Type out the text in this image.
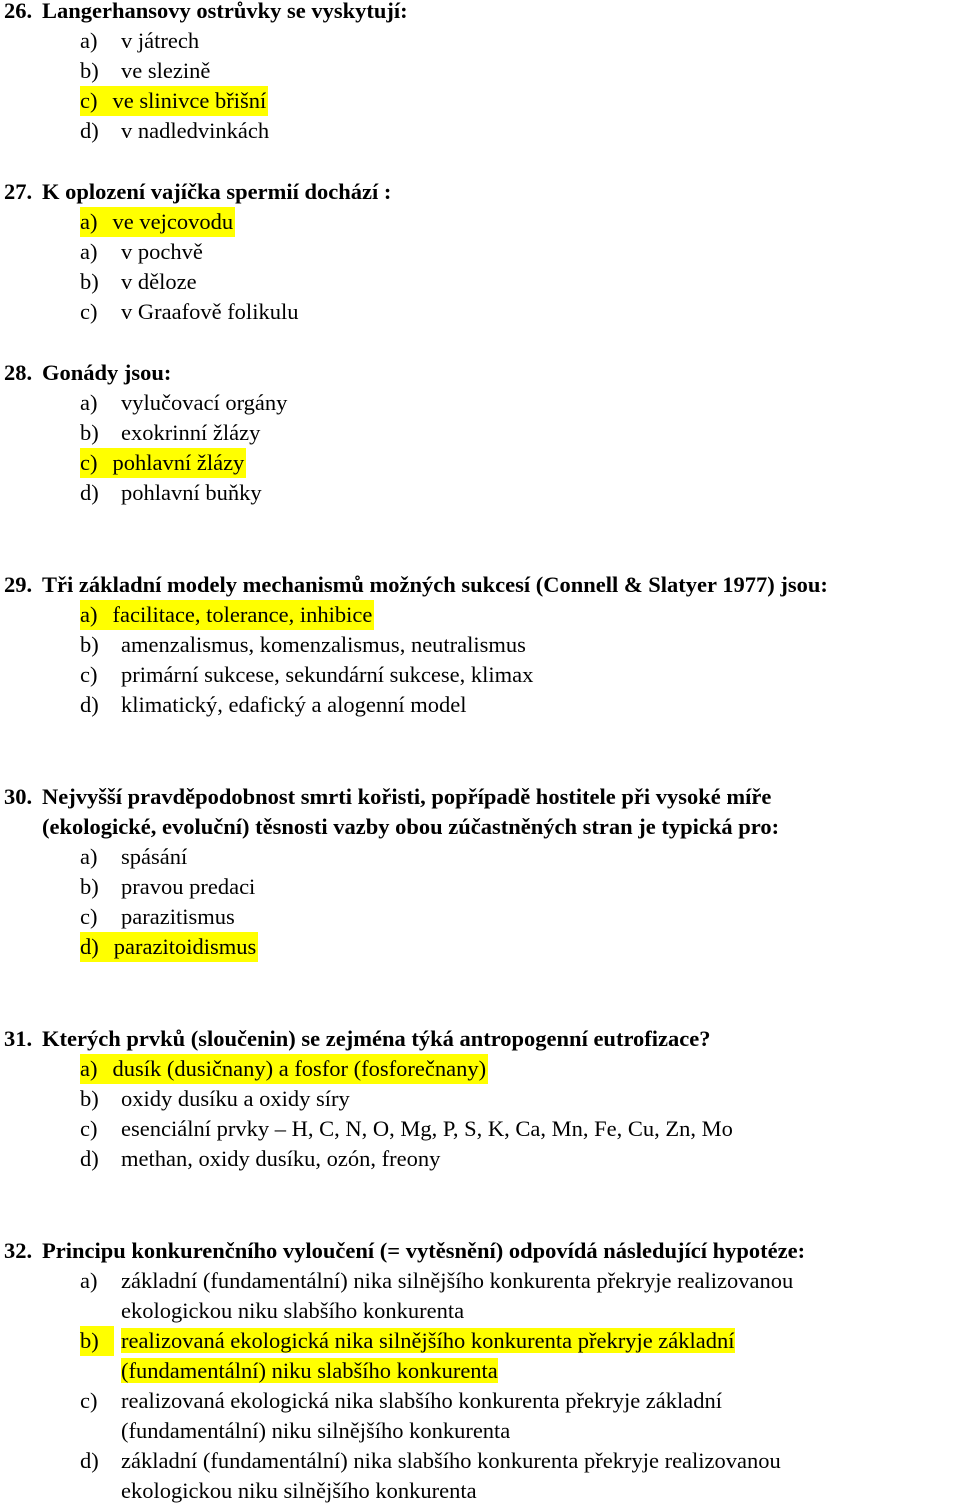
26. Langerhansovy ostrůvky se vyskytují:
a)	v játrech
b) ve slezině
c) ve slinivce břišní
d) v nadledvinkách
27. K oplození vajíčka spermií dochází :
a) ve vejcovodu
a)	v pochvě
b) v děloze
c)	v Graafově folikulu
28. Gonády jsou:
a)	vylučovací orgány
b) exokrinní žlázy
c) pohlavní žlázy
d) pohlavní buňky
29. Tři základní modely mechanismů možných sukcesí (Connell & Slatyer 1977) jsou:
a) facilitace, tolerance, inhibice
b) amenzalismus, komenzalismus, neutralismus
c)	primární sukcese, sekundární sukcese, klimax
d) klimatický, edafický a alogenní model
30. Nejvyšší pravděpodobnost smrti kořisti, popřípadě hostitele při vysoké míře
(ekologické, evoluční) těsnosti vazby obou zúčastněných stran je typická pro:
a)	spásání
b) pravou predaci
c)	parazitismus
d) parazitoidismus
31. Kterých prvků (sloučenin) se zejména týká antropogenní eutrofizace?
a) dusík (dusičnany) a fosfor (fosforečnany)
b) oxidy dusíku a oxidy síry
c)	esenciální prvky – H, C, N, O, Mg, P, S, K, Ca, Mn, Fe, Cu, Zn, Mo
d) methan, oxidy dusíku, ozón, freony
32. Principu konkurenčního vyloučení (= vytěsnění) odpovídá následující hypotéze:
a) základní (fundamentální) nika silnějšího konkurenta překryje realizovanou
ekologickou niku slabšího konkurenta
b) realizovaná ekologická nika silnějšího konkurenta překryje základní
(fundamentální) niku slabšího konkurenta
c) realizovaná ekologická nika slabšího konkurenta překryje základní
(fundamentální) niku silnějšího konkurenta
d) základní (fundamentální) nika slabšího konkurenta překryje realizovanou
ekologickou niku silnějšího konkurenta
